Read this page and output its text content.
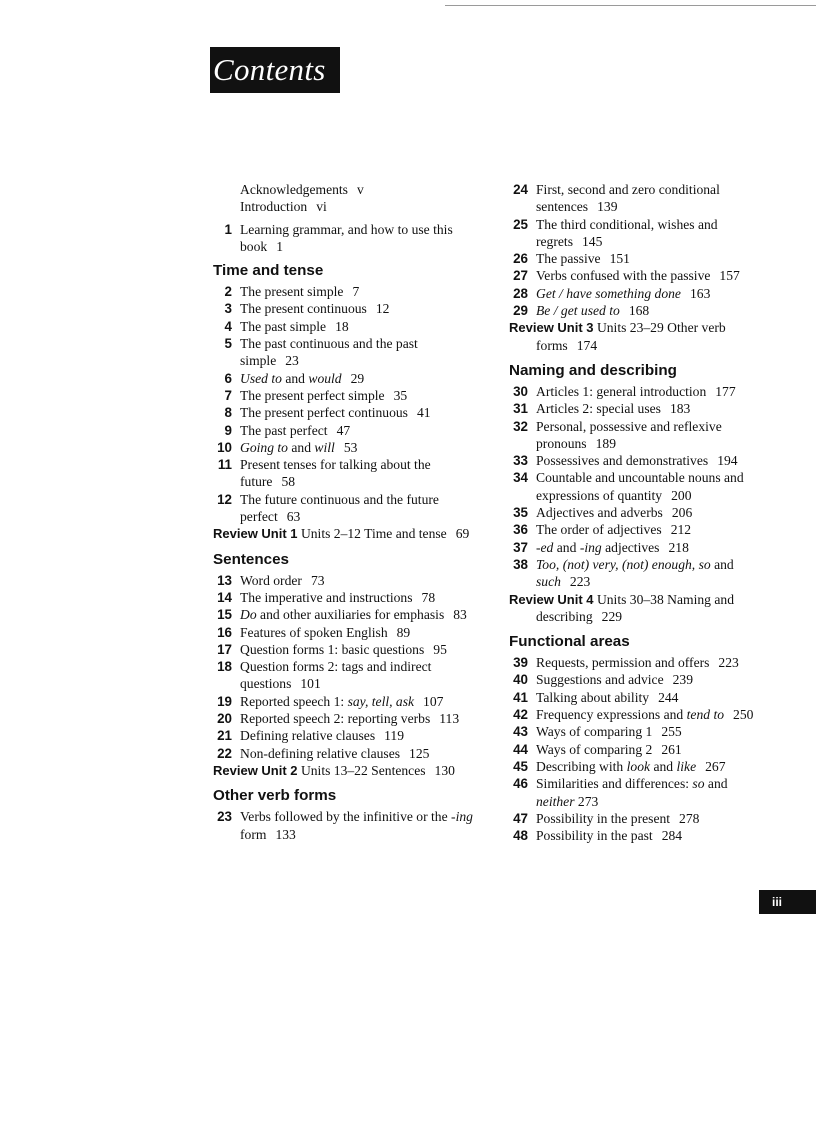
Contents
Acknowledgements v
Introduction vi
1 Learning grammar, and how to use this
book 1
Time and tense
2 The present simple 7
3 The present continuous 12
4 The past simple 18
5 The past continuous and the past
simple 23
6 Used to and would 29
7 The present perfect simple 35
8 The present perfect continuous 41
9 The past perfect 47
10 Going to and will 53
11 Present tenses for talking about the
future 58
12 The future continuous and the future
perfect 63
Review Unit 1 Units 2–12 Time and tense 69
Sentences
13 Word order 73
14 The imperative and instructions 78
15 Do and other auxiliaries for emphasis 83
16 Features of spoken English 89
17 Question forms 1: basic questions 95
18 Question forms 2: tags and indirect
questions 101
19 Reported speech 1: say, tell, ask 107
20 Reported speech 2: reporting verbs 113
21 Defining relative clauses 119
22 Non-defining relative clauses 125
Review Unit 2 Units 13–22 Sentences 130
Other verb forms
23 Verbs followed by the infinitive or the -ing
form 133
24 First, second and zero conditional
sentences 139
25 The third conditional, wishes and
regrets 145
26 The passive 151
27 Verbs confused with the passive 157
28 Get / have something done 163
29 Be / get used to 168
Review Unit 3 Units 23–29 Other verb
forms 174
Naming and describing
30 Articles 1: general introduction 177
31 Articles 2: special uses 183
32 Personal, possessive and reflexive
pronouns 189
33 Possessives and demonstratives 194
34 Countable and uncountable nouns and
expressions of quantity 200
35 Adjectives and adverbs 206
36 The order of adjectives 212
37 -ed and -ing adjectives 218
38 Too, (not) very, (not) enough, so and
such 223
Review Unit 4 Units 30–38 Naming and
describing 229
Functional areas
39 Requests, permission and offers 223
40 Suggestions and advice 239
41 Talking about ability 244
42 Frequency expressions and tend to 250
43 Ways of comparing 1 255
44 Ways of comparing 2 261
45 Describing with look and like 267
46 Similarities and differences: so and
neither 273
47 Possibility in the present 278
48 Possibility in the past 284
iii
